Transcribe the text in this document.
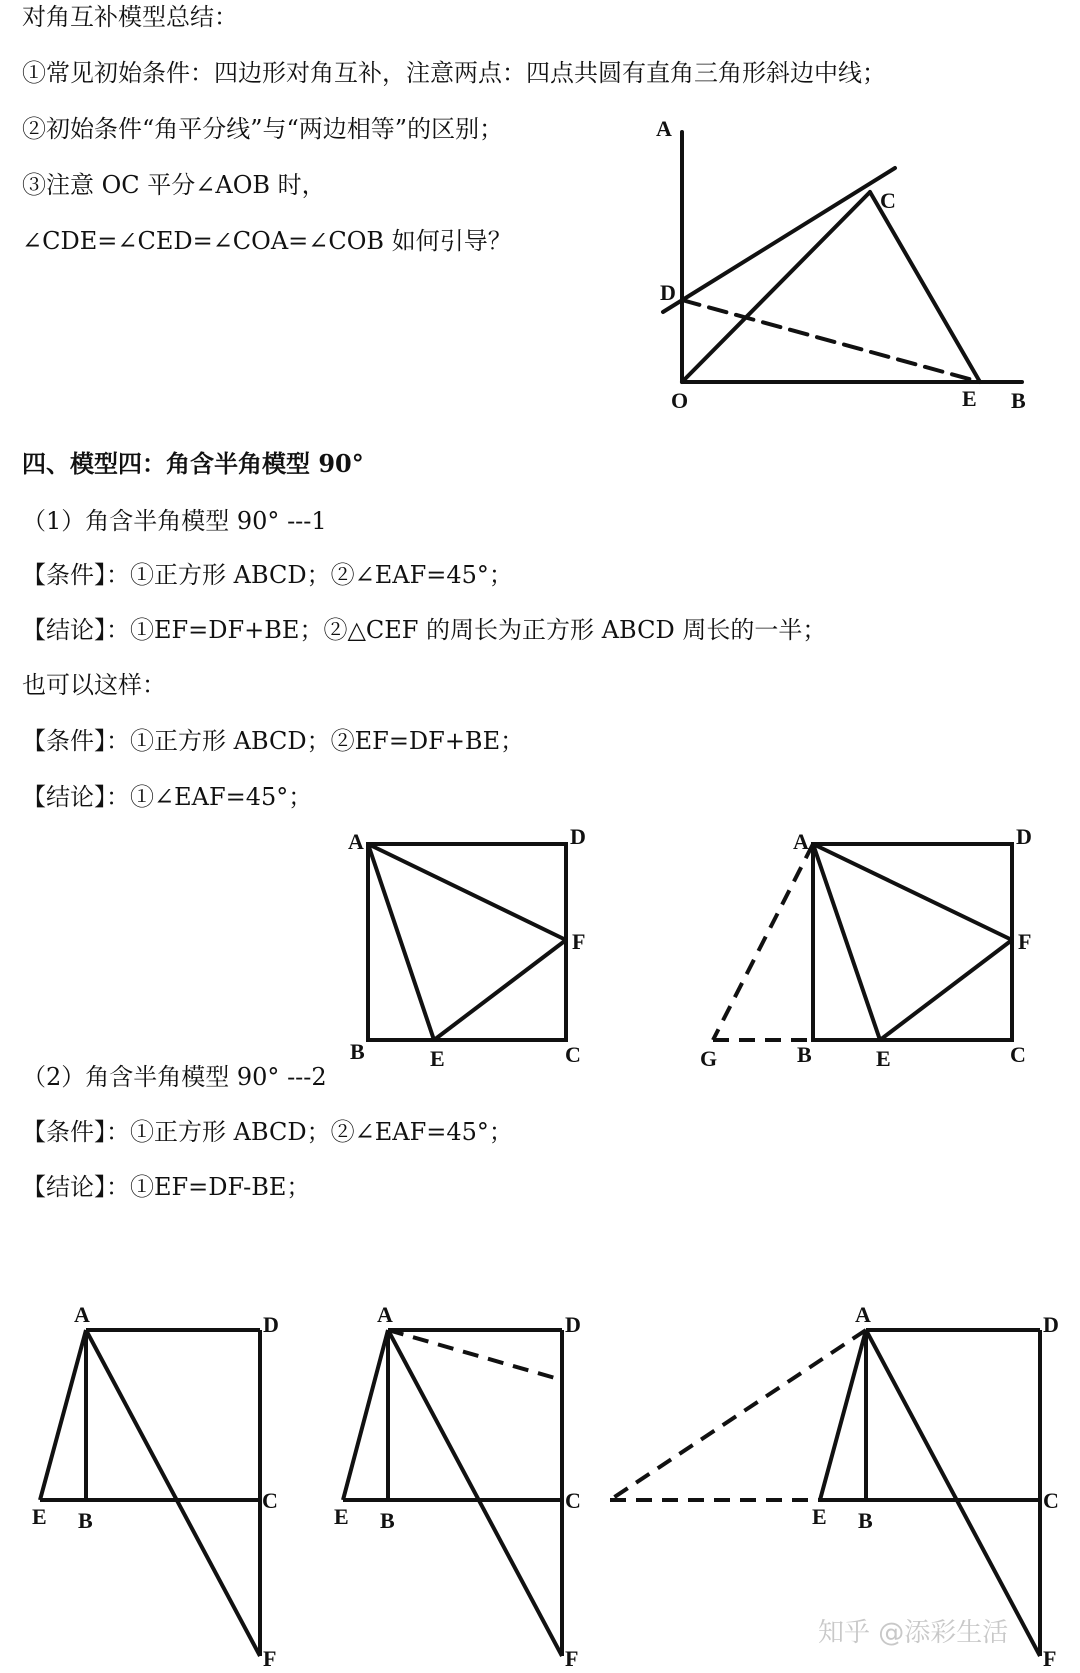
对角互补模型总结：
①常见初始条件：四边形对角互补，注意两点：四点共圆有直角三角形斜边中线；
②初始条件“角平分线”与“两边相等”的区别；
③注意 OC 平分∠AOB 时，
∠CDE=∠CED=∠COA=∠COB 如何引导？
四、模型四：角含半角模型 90°
（1）角含半角模型 90° ---1
【条件】：①正方形 ABCD；②∠EAF=45°；
【结论】：①EF=DF+BE；②△CEF 的周长为正方形 ABCD 周长的一半；
也可以这样：
【条件】：①正方形 ABCD；②EF=DF+BE；
【结论】：①∠EAF=45°；
（2）角含半角模型 90° ---2
【条件】：①正方形 ABCD；②∠EAF=45°；
【结论】：①EF=DF-BE；
A
C
D
O	E B
A	D
F
B	E	C
A	D
F
G	B	E	C
A	D
C
E B
F
A	D
C
E B
F
A	D
C
E B
F
知乎 @添彩生活
